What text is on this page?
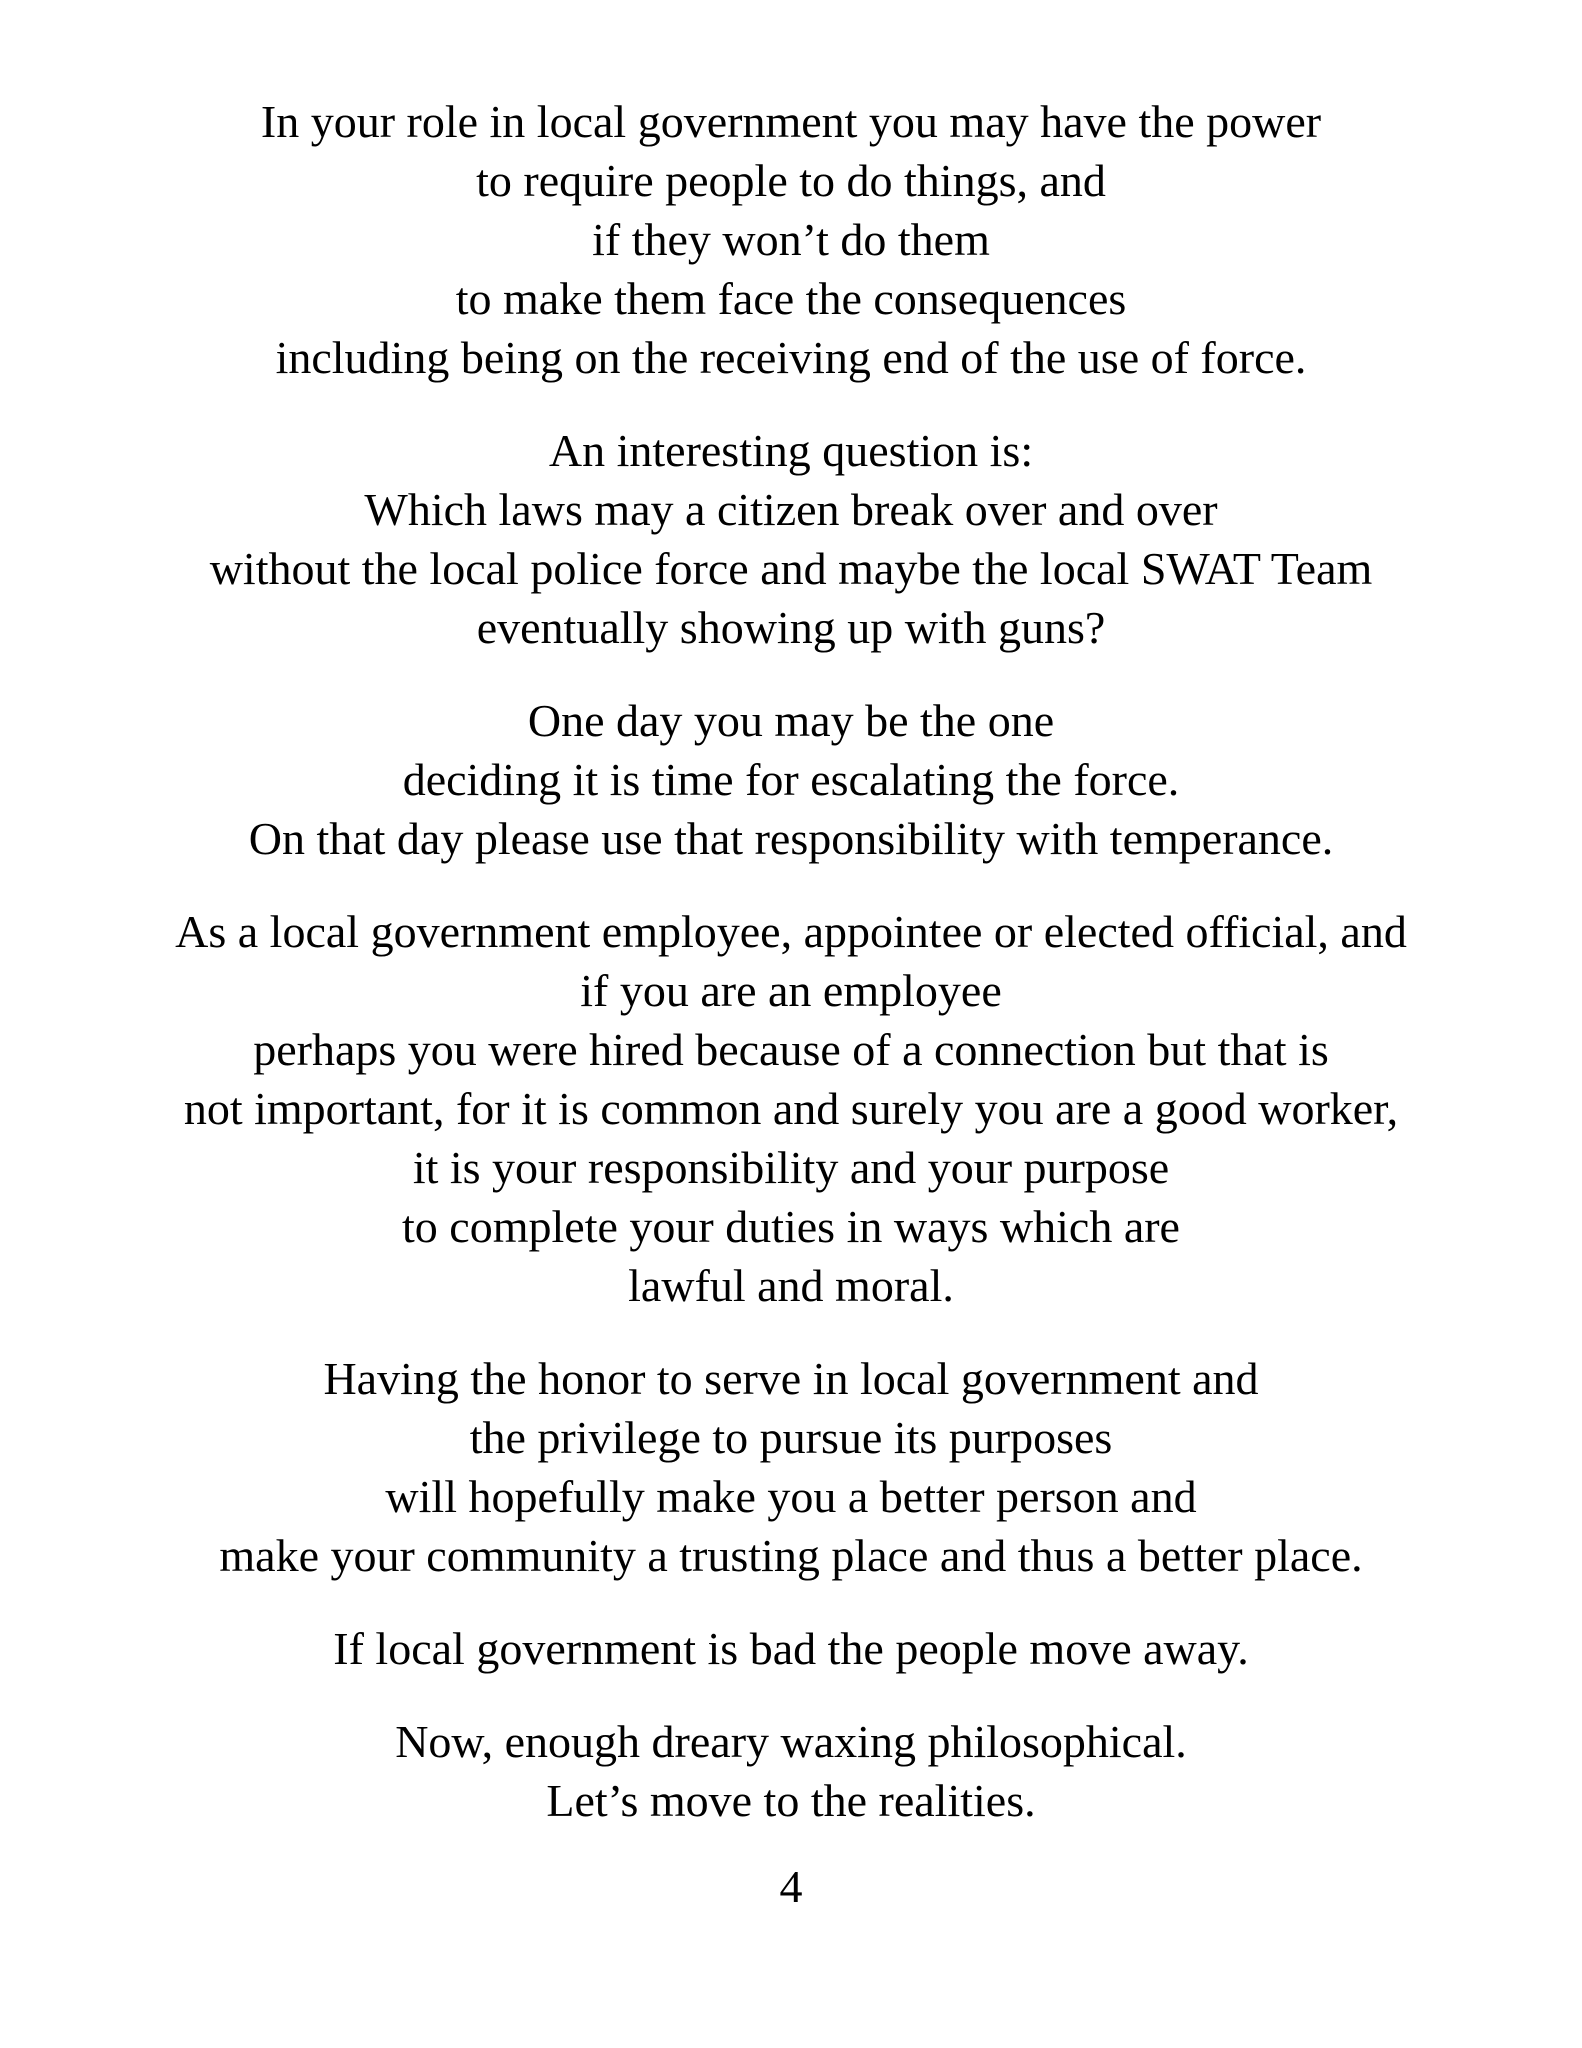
In your role in local government you may have the power
to require people to do things, and
if they won’t do them
to make them face the consequences
including being on the receiving end of the use of force.
An interesting question is:
Which laws may a citizen break over and over
without the local police force and maybe the local SWAT Team
eventually showing up with guns?
One day you may be the one
deciding it is time for escalating the force.
On that day please use that responsibility with temperance.
As a local government employee, appointee or elected official, and
if you are an employee
perhaps you were hired because of a connection but that is
not important, for it is common and surely you are a good worker,
it is your responsibility and your purpose
to complete your duties in ways which are
lawful and moral.
Having the honor to serve in local government and
the privilege to pursue its purposes
will hopefully make you a better person and
make your community a trusting place and thus a better place.
If local government is bad the people move away.
Now, enough dreary waxing philosophical.
Let’s move to the realities.
4
